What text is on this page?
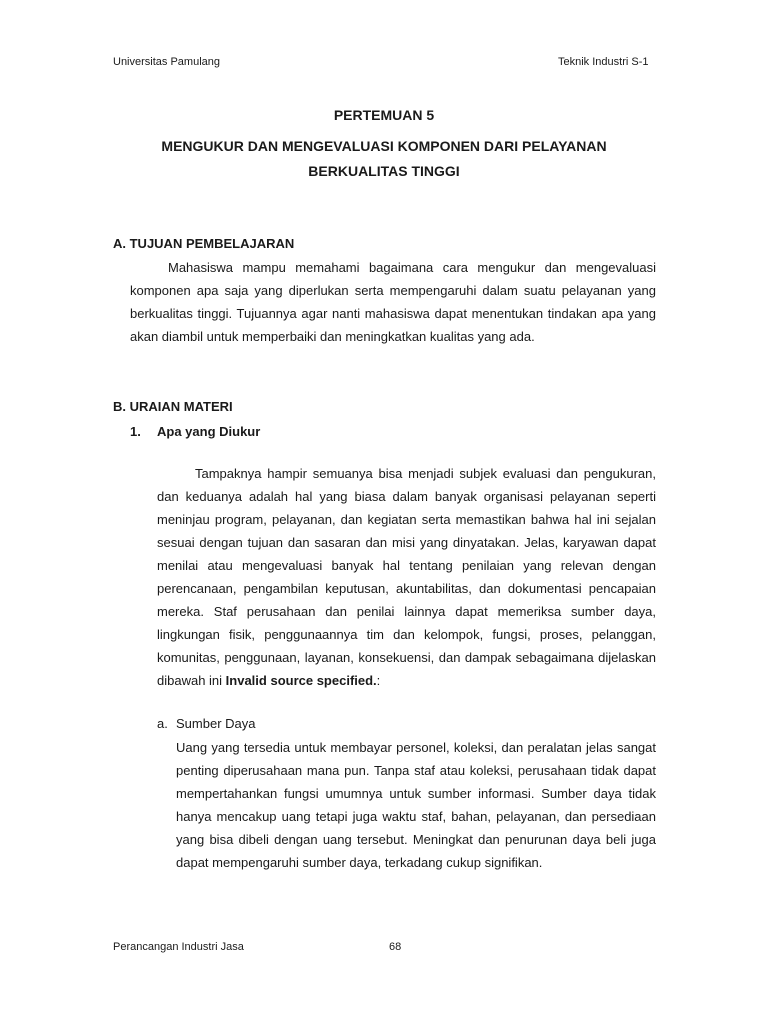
Universitas Pamulang	Teknik Industri S-1
PERTEMUAN 5
MENGUKUR DAN MENGEVALUASI KOMPONEN DARI PELAYANAN
BERKUALITAS TINGGI
A. TUJUAN PEMBELAJARAN

Mahasiswa mampu memahami bagaimana cara mengukur dan mengevaluasi komponen apa saja yang diperlukan serta mempengaruhi dalam suatu pelayanan yang berkualitas tinggi. Tujuannya agar nanti mahasiswa dapat menentukan tindakan apa yang akan diambil untuk memperbaiki dan meningkatkan kualitas yang ada.

B. URAIAN MATERI
1. Apa yang Diukur

Tampaknya hampir semuanya bisa menjadi subjek evaluasi dan pengukuran, dan keduanya adalah hal yang biasa dalam banyak organisasi pelayanan seperti meninjau program, pelayanan, dan kegiatan serta memastikan bahwa hal ini sejalan sesuai dengan tujuan dan sasaran dan misi yang dinyatakan. Jelas, karyawan dapat menilai atau mengevaluasi banyak hal tentang penilaian yang relevan dengan perencanaan, pengambilan keputusan, akuntabilitas, dan dokumentasi pencapaian mereka. Staf perusahaan dan penilai lainnya dapat memeriksa sumber daya, lingkungan fisik, penggunaannya tim dan kelompok, fungsi, proses, pelanggan, komunitas, penggunaan, layanan, konsekuensi, dan dampak sebagaimana dijelaskan dibawah ini Invalid source specified.:

a. Sumber Daya

Uang yang tersedia untuk membayar personel, koleksi, dan peralatan jelas sangat penting diperusahaan mana pun. Tanpa staf atau koleksi, perusahaan tidak dapat mempertahankan fungsi umumnya untuk sumber informasi. Sumber daya tidak hanya mencakup uang tetapi juga waktu staf, bahan, pelayanan, dan persediaan yang bisa dibeli dengan uang tersebut. Meningkat dan penurunan daya beli juga dapat mempengaruhi sumber daya, terkadang cukup signifikan.

Perancangan Industri Jasa	68
